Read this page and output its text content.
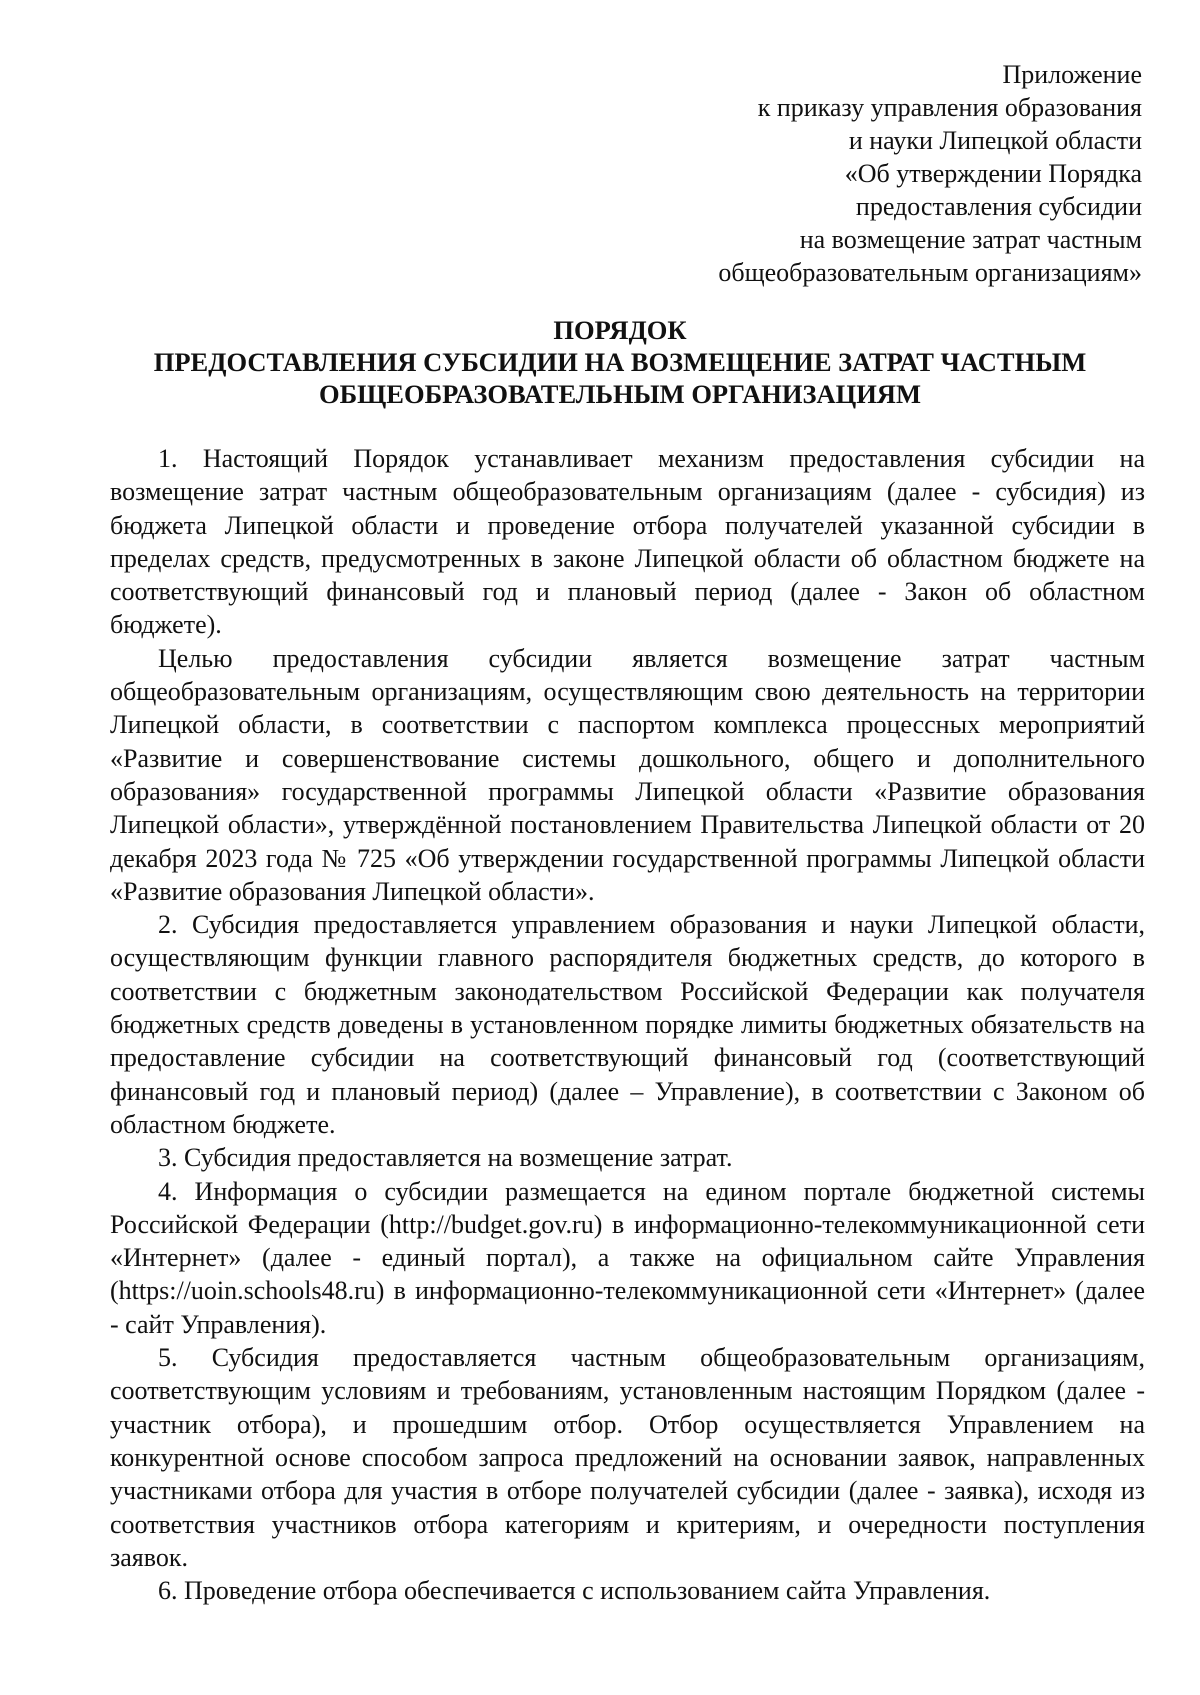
Приложение
к приказу управления образования
и науки Липецкой области
«Об утверждении Порядка
предоставления субсидии
на возмещение затрат частным
общеобразовательным организациям»
ПОРЯДОК
ПРЕДОСТАВЛЕНИЯ СУБСИДИИ НА ВОЗМЕЩЕНИЕ ЗАТРАТ ЧАСТНЫМ
ОБЩЕОБРАЗОВАТЕЛЬНЫМ ОРГАНИЗАЦИЯМ

1. Настоящий Порядок устанавливает механизм предоставления субсидии на возмещение затрат частным общеобразовательным организациям (далее - субсидия) из бюджета Липецкой области и проведение отбора получателей указанной субсидии в пределах средств, предусмотренных в законе Липецкой области об областном бюджете на соответствующий финансовый год и плановый период (далее - Закон об областном бюджете).

Целью предоставления субсидии является возмещение затрат частным общеобразовательным организациям, осуществляющим свою деятельность на территории Липецкой области, в соответствии с паспортом комплекса процессных мероприятий «Развитие и совершенствование системы дошкольного, общего и дополнительного образования» государственной программы Липецкой области «Развитие образования Липецкой области», утверждённой постановлением Правительства Липецкой области от 20 декабря 2023 года № 725 «Об утверждении государственной программы Липецкой области «Развитие образования Липецкой области».

2. Субсидия предоставляется управлением образования и науки Липецкой области, осуществляющим функции главного распорядителя бюджетных средств, до которого в соответствии с бюджетным законодательством Российской Федерации как получателя бюджетных средств доведены в установленном порядке лимиты бюджетных обязательств на предоставление субсидии на соответствующий финансовый год (соответствующий финансовый год и плановый период) (далее – Управление), в соответствии с Законом об областном бюджете.

3. Субсидия предоставляется на возмещение затрат.

4. Информация о субсидии размещается на едином портале бюджетной системы Российской Федерации (http://budget.gov.ru) в информационно-телекоммуникационной сети «Интернет» (далее - единый портал), а также на официальном сайте Управления (https://uoin.schools48.ru) в информационно-телекоммуникационной сети «Интернет» (далее - сайт Управления).

5. Субсидия предоставляется частным общеобразовательным организациям, соответствующим условиям и требованиям, установленным настоящим Порядком (далее - участник отбора), и прошедшим отбор. Отбор осуществляется Управлением на конкурентной основе способом запроса предложений на основании заявок, направленных участниками отбора для участия в отборе получателей субсидии (далее - заявка), исходя из соответствия участников отбора категориям и критериям, и очередности поступления заявок.

6. Проведение отбора обеспечивается с использованием сайта Управления.
